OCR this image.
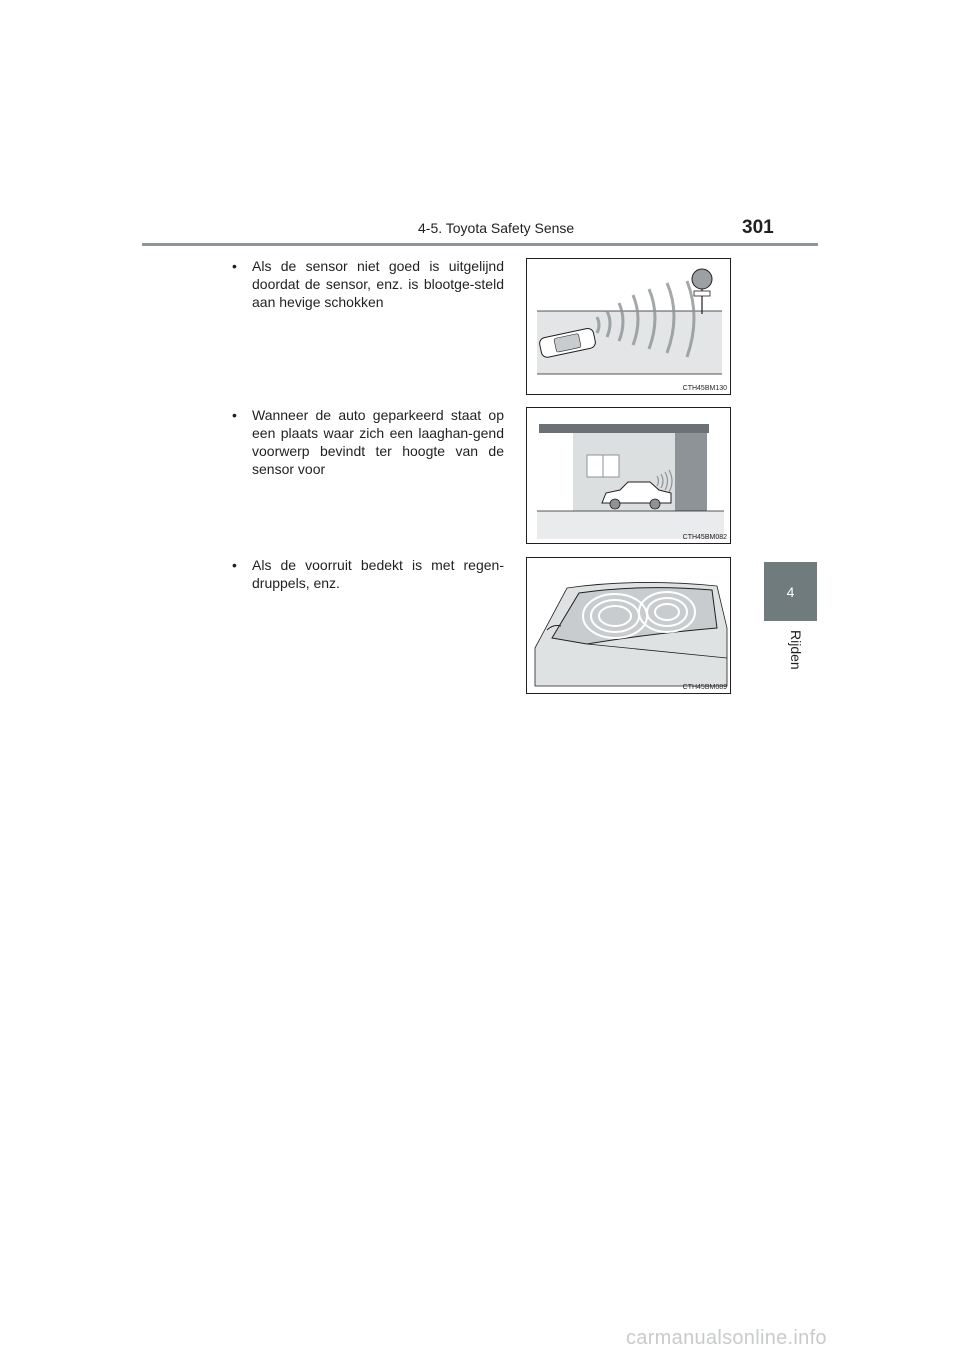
4-5. Toyota Safety Sense	301
4
Rijden
•	Als de sensor niet goed is uitgelijnd doordat de sensor, enz. is blootge-steld aan hevige schokken
CTH45BM130
•	Wanneer de auto geparkeerd staat op een plaats waar zich een laaghan-gend voorwerp bevindt ter hoogte van de sensor voor
CTH45BM082
•	Als de voorruit bedekt is met regen-druppels, enz.
CTH45BM089
carmanualsonline.info
